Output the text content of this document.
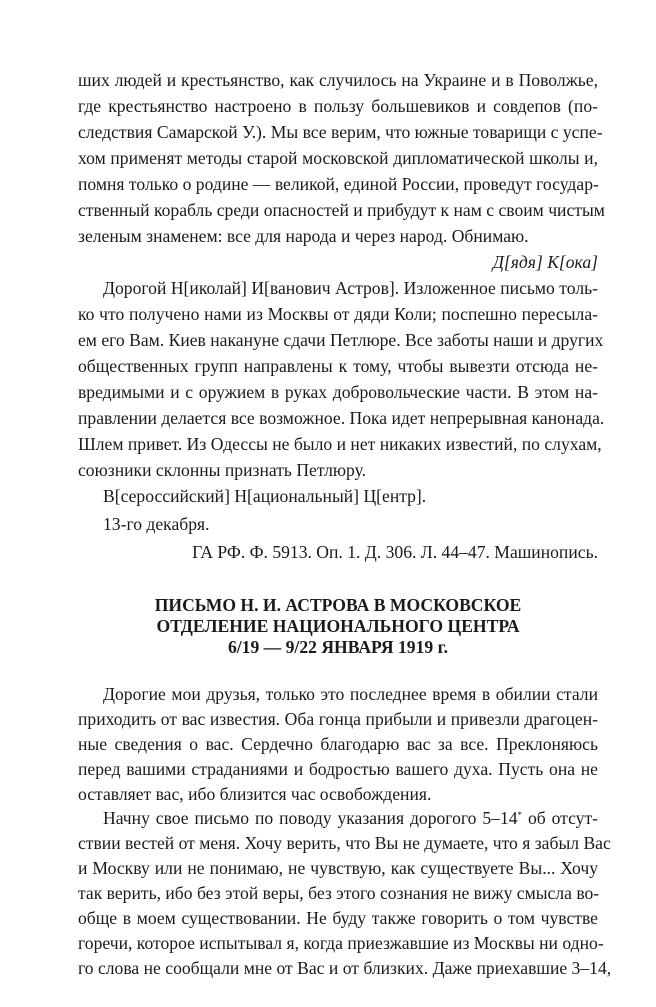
ших людей и крестьянство, как случилось на Украине и в Поволжье,
где крестьянство настроено в пользу большевиков и совдепов (по-
следствия Самарской У.). Мы все верим, что южные товарищи с успе-
хом применят методы старой московской дипломатической школы и,
помня только о родине — великой, единой России, проведут государ-
ственный корабль среди опасностей и прибудут к нам с своим чистым
зеленым знаменем: все для народа и через народ. Обнимаю.
Д[ядя] К[ока]
Дорогой Н[иколай] И[ванович Астров]. Изложенное письмо толь-
ко что получено нами из Москвы от дяди Коли; поспешно пересыла-
ем его Вам. Киев накануне сдачи Петлюре. Все заботы наши и других
общественных групп направлены к тому, чтобы вывезти отсюда не-
вредимыми и с оружием в руках добровольческие части. В этом на-
правлении делается все возможное. Пока идет непрерывная канонада.
Шлем привет. Из Одессы не было и нет никаких известий, по слухам,
союзники склонны признать Петлюру.
В[сероссийский] Н[ациональный] Ц[ентр].
13-го декабря.
ГА РФ. Ф. 5913. Оп. 1. Д. 306. Л. 44–47. Машинопись.
ПИСЬМО Н. И. АСТРОВА В МОСКОВСКОЕ
ОТДЕЛЕНИЕ НАЦИОНАЛЬНОГО ЦЕНТРА
6/19 — 9/22 ЯНВАРЯ 1919 г.
Дорогие мои друзья, только это последнее время в обилии стали
приходить от вас известия. Оба гонца прибыли и привезли драгоцен-
ные сведения о вас. Сердечно благодарю вас за все. Преклоняюсь
перед вашими страданиями и бодростью вашего духа. Пусть она не
оставляет вас, ибо близится час освобождения.
Начну свое письмо по поводу указания дорогого 5–14* об отсут-
ствии вестей от меня. Хочу верить, что Вы не думаете, что я забыл Вас
и Москву или не понимаю, не чувствую, как существуете Вы... Хочу
так верить, ибо без этой веры, без этого сознания не вижу смысла во-
обще в моем существовании. Не буду также говорить о том чувстве
горечи, которое испытывал я, когда приезжавшие из Москвы ни одно-
го слова не сообщали мне от Вас и от близких. Даже приехавшие 3–14,
